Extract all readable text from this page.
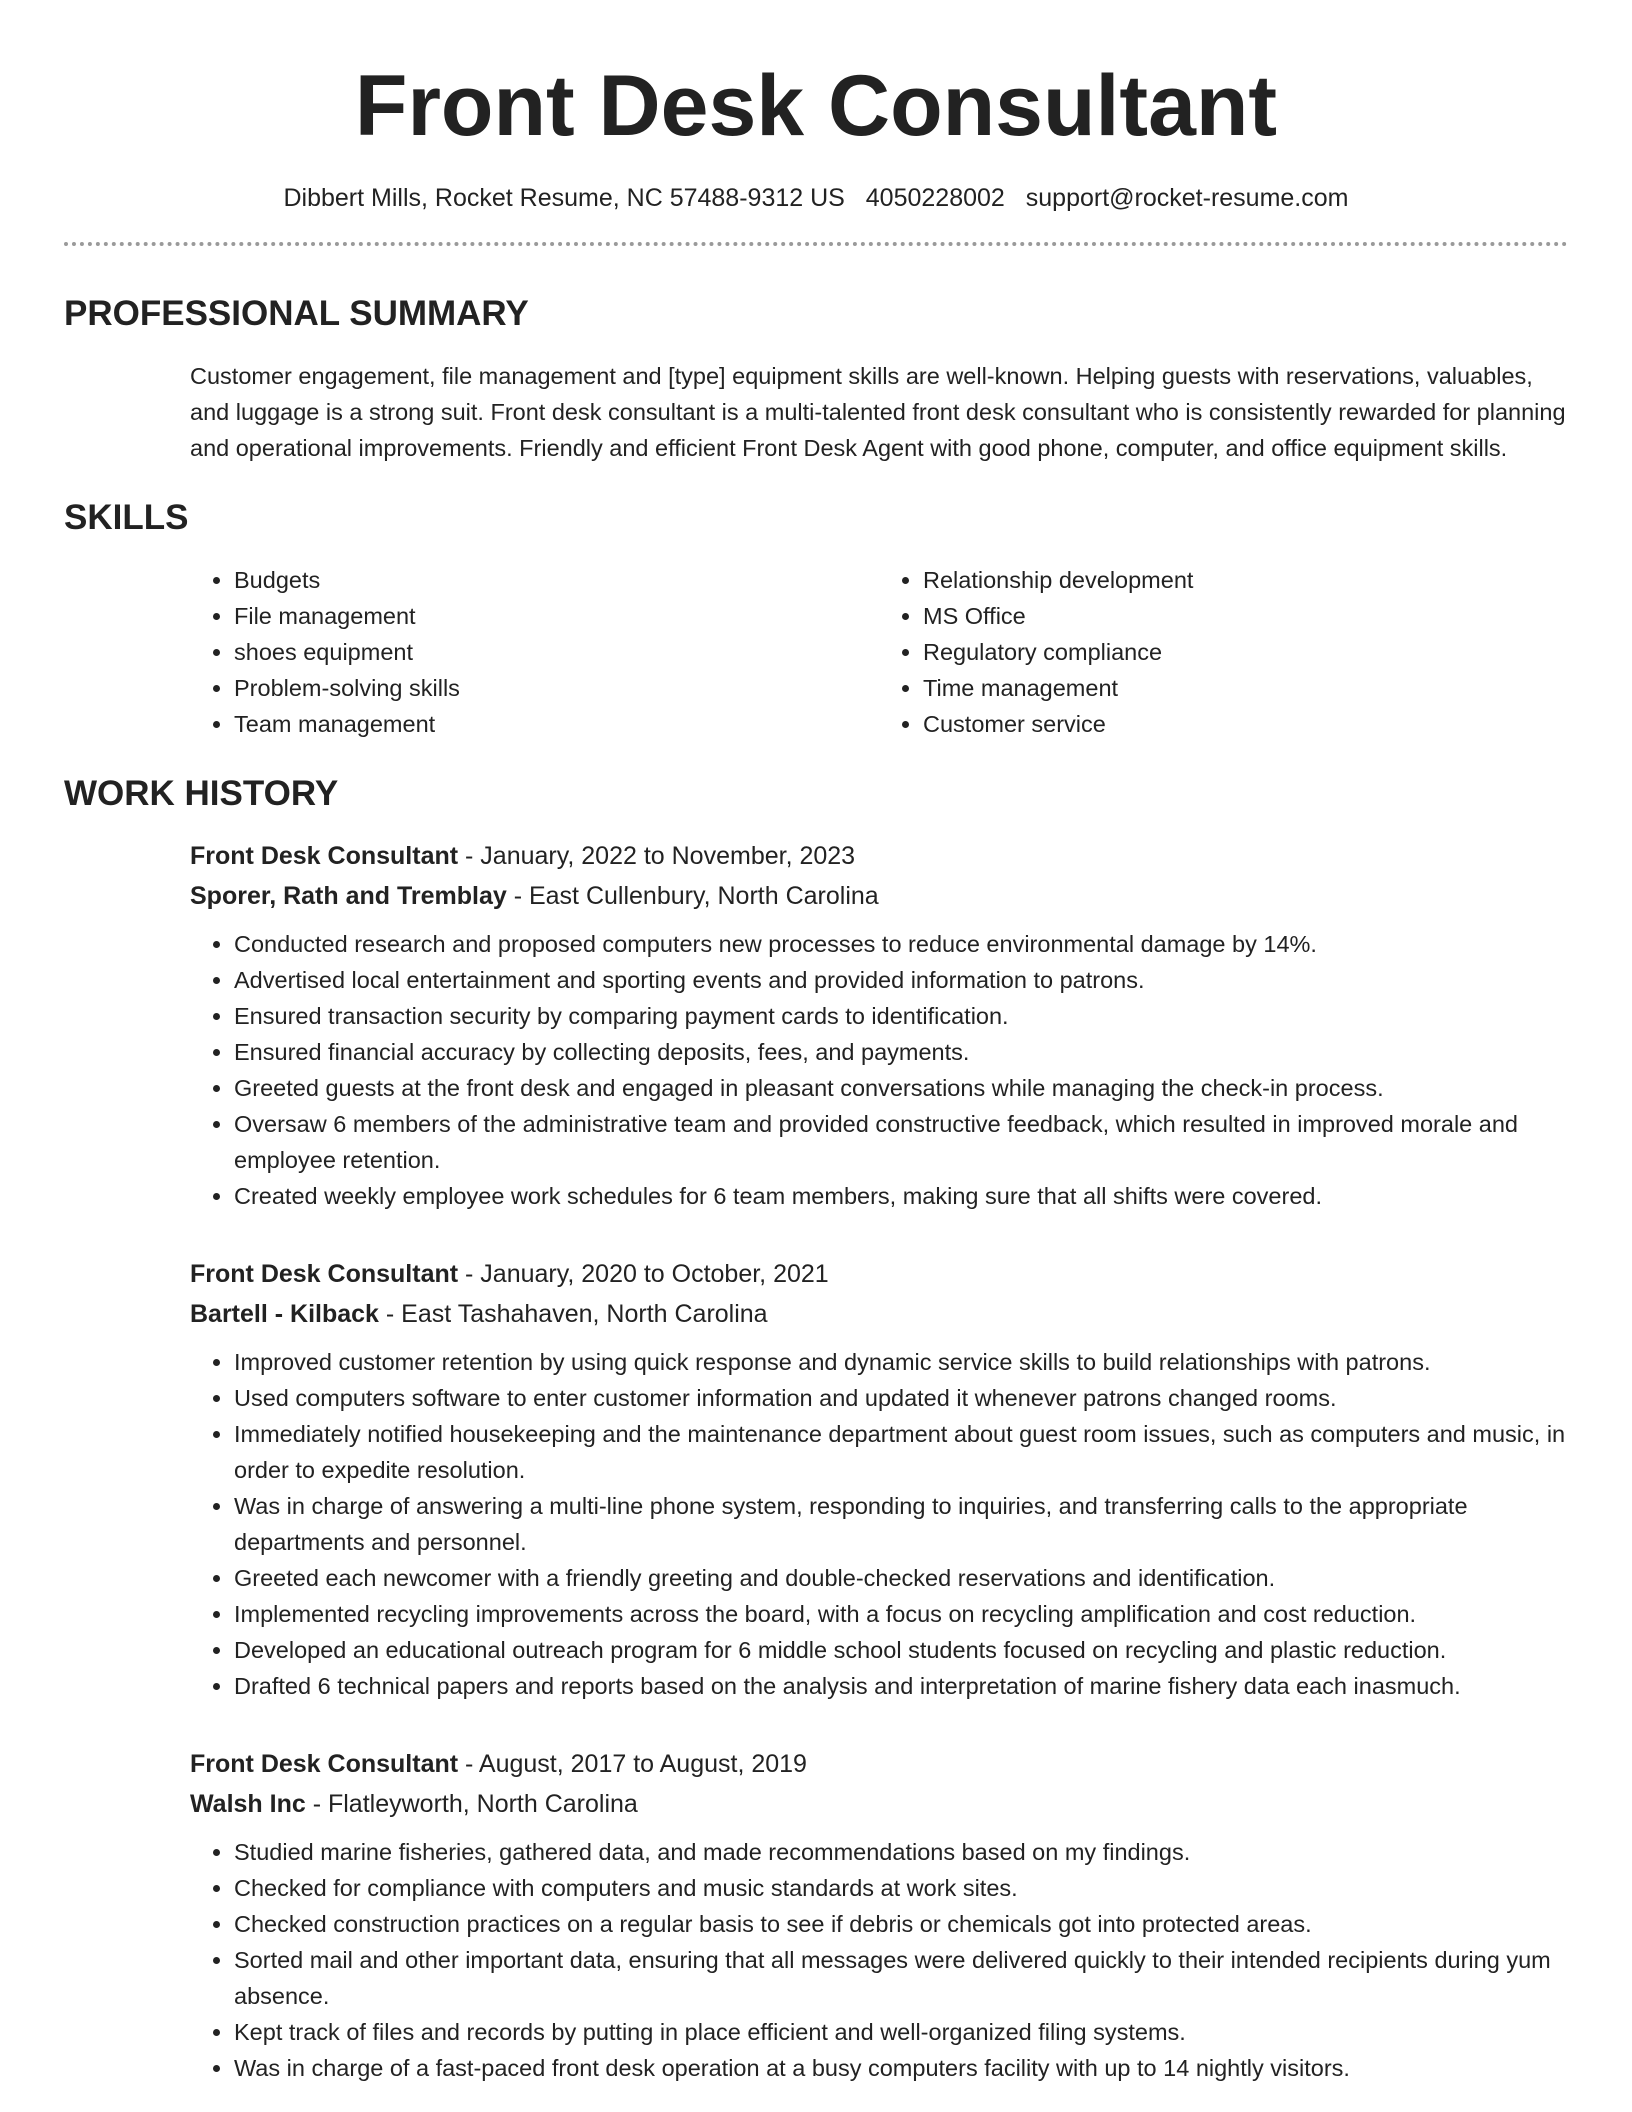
Front Desk Consultant
Dibbert Mills, Rocket Resume, NC 57488-9312 US 4050228002 support@rocket-resume.com
PROFESSIONAL SUMMARY
Customer engagement, file management and [type] equipment skills are well-known. Helping guests with reservations, valuables, and luggage is a strong suit. Front desk consultant is a multi-talented front desk consultant who is consistently rewarded for planning and operational improvements. Friendly and efficient Front Desk Agent with good phone, computer, and office equipment skills.
SKILLS
• Budgets
• File management
• shoes equipment
• Problem-solving skills
• Team management
• Relationship development
• MS Office
• Regulatory compliance
• Time management
• Customer service
WORK HISTORY
Front Desk Consultant - January, 2022 to November, 2023
Sporer, Rath and Tremblay - East Cullenbury, North Carolina
• Conducted research and proposed computers new processes to reduce environmental damage by 14%.
• Advertised local entertainment and sporting events and provided information to patrons.
• Ensured transaction security by comparing payment cards to identification.
• Ensured financial accuracy by collecting deposits, fees, and payments.
• Greeted guests at the front desk and engaged in pleasant conversations while managing the check-in process.
• Oversaw 6 members of the administrative team and provided constructive feedback, which resulted in improved morale and employee retention.
• Created weekly employee work schedules for 6 team members, making sure that all shifts were covered.
Front Desk Consultant - January, 2020 to October, 2021
Bartell - Kilback - East Tashahaven, North Carolina
• Improved customer retention by using quick response and dynamic service skills to build relationships with patrons.
• Used computers software to enter customer information and updated it whenever patrons changed rooms.
• Immediately notified housekeeping and the maintenance department about guest room issues, such as computers and music, in order to expedite resolution.
• Was in charge of answering a multi-line phone system, responding to inquiries, and transferring calls to the appropriate departments and personnel.
• Greeted each newcomer with a friendly greeting and double-checked reservations and identification.
• Implemented recycling improvements across the board, with a focus on recycling amplification and cost reduction.
• Developed an educational outreach program for 6 middle school students focused on recycling and plastic reduction.
• Drafted 6 technical papers and reports based on the analysis and interpretation of marine fishery data each inasmuch.
Front Desk Consultant - August, 2017 to August, 2019
Walsh Inc - Flatleyworth, North Carolina
• Studied marine fisheries, gathered data, and made recommendations based on my findings.
• Checked for compliance with computers and music standards at work sites.
• Checked construction practices on a regular basis to see if debris or chemicals got into protected areas.
• Sorted mail and other important data, ensuring that all messages were delivered quickly to their intended recipients during yum absence.
• Kept track of files and records by putting in place efficient and well-organized filing systems.
• Was in charge of a fast-paced front desk operation at a busy computers facility with up to 14 nightly visitors.
